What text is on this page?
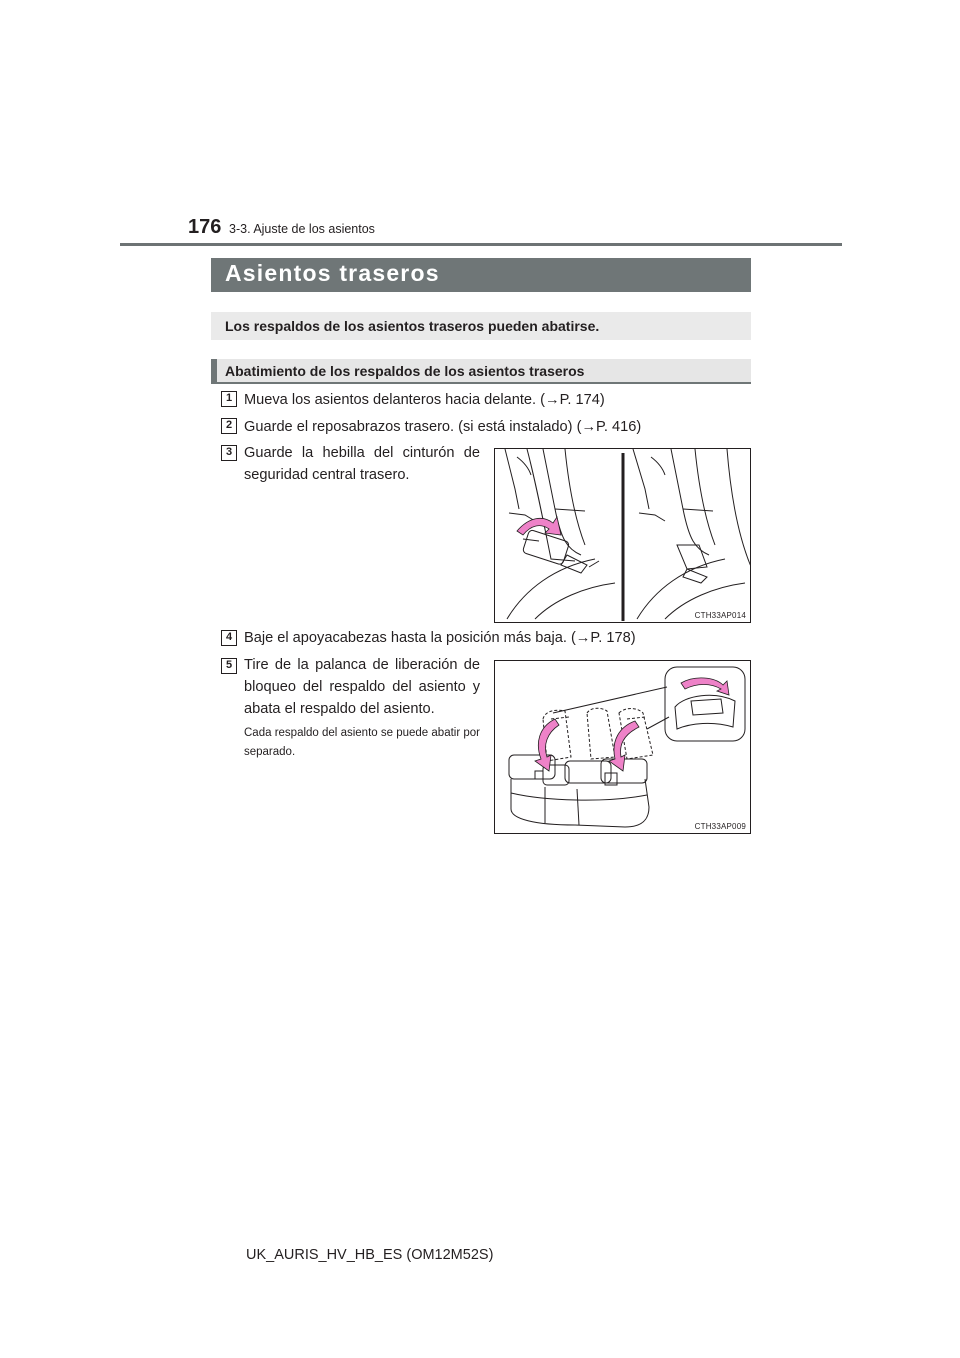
176 3-3. Ajuste de los asientos
Asientos traseros
Los respaldos de los asientos traseros pueden abatirse.
Abatimiento de los respaldos de los asientos traseros
1 Mueva los asientos delanteros hacia delante. (→P. 174)
2 Guarde el reposabrazos trasero. (si está instalado) (→P. 416)
3 Guarde la hebilla del cinturón de seguridad central trasero.
CTH33AP014
4 Baje el apoyacabezas hasta la posición más baja. (→P. 178)
5 Tire de la palanca de liberación de bloqueo del respaldo del asiento y abata el respaldo del asiento.
Cada respaldo del asiento se puede abatir por separado.
CTH33AP009
UK_AURIS_HV_HB_ES (OM12M52S)
